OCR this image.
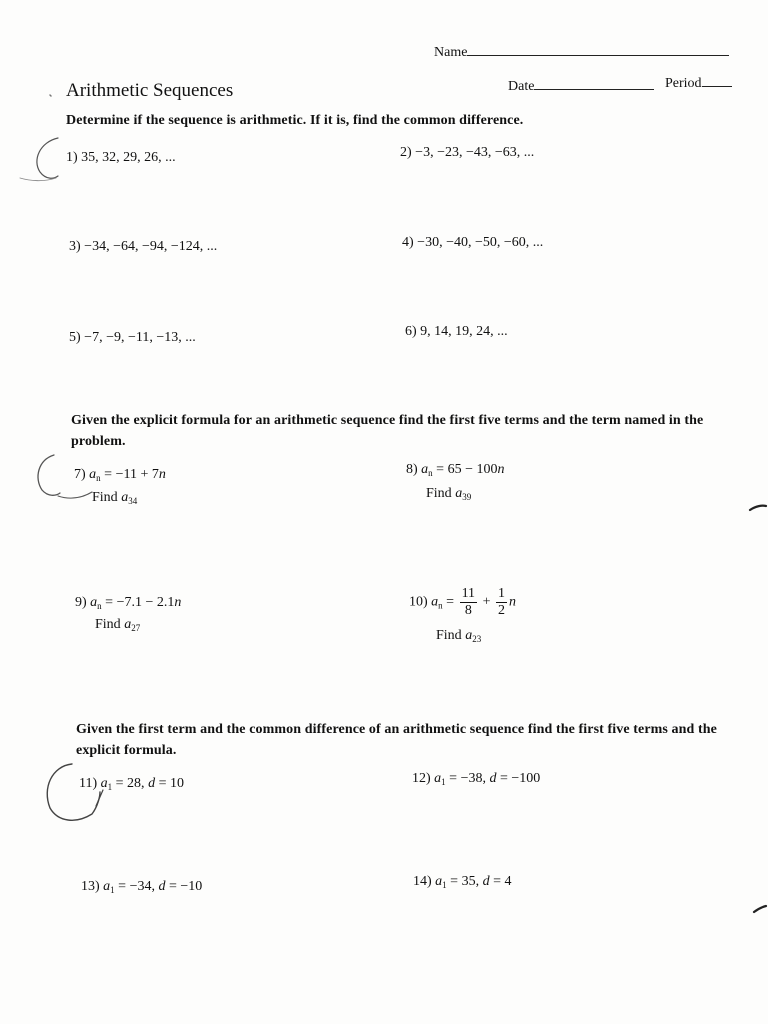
Name
Arithmetic Sequences	Date	Period
Determine if the sequence is arithmetic. If it is, find the common difference.
1) 35, 32, 29, 26, ...	2) −3, −23, −43, −63, ...
3) −34, −64, −94, −124, ...	4) −30, −40, −50, −60, ...
5) −7, −9, −11, −13, ...	6) 9, 14, 19, 24, ...
Given the explicit formula for an arithmetic sequence find the first five terms and the term named in the
problem.
7) $a_n = -11 + 7n$
Find $a_{34}$
8) $a_n = 65 - 100n$
Find $a_{39}$
9) $a_n = -7.1 - 2.1n$
Find $a_{27}$
10) $a_n = \frac{11}{8} + \frac{1}{2}$ n
Find $a_{23}$
Given the first term and the common difference of an arithmetic sequence find the first five terms and the
explicit formula.
11) $a_1 = 28$, d = 10	12) $a_1 = -38$, d = −100
13) $a_1 = -34$, d = −10	14) $a_1 = 35$, d = 4
